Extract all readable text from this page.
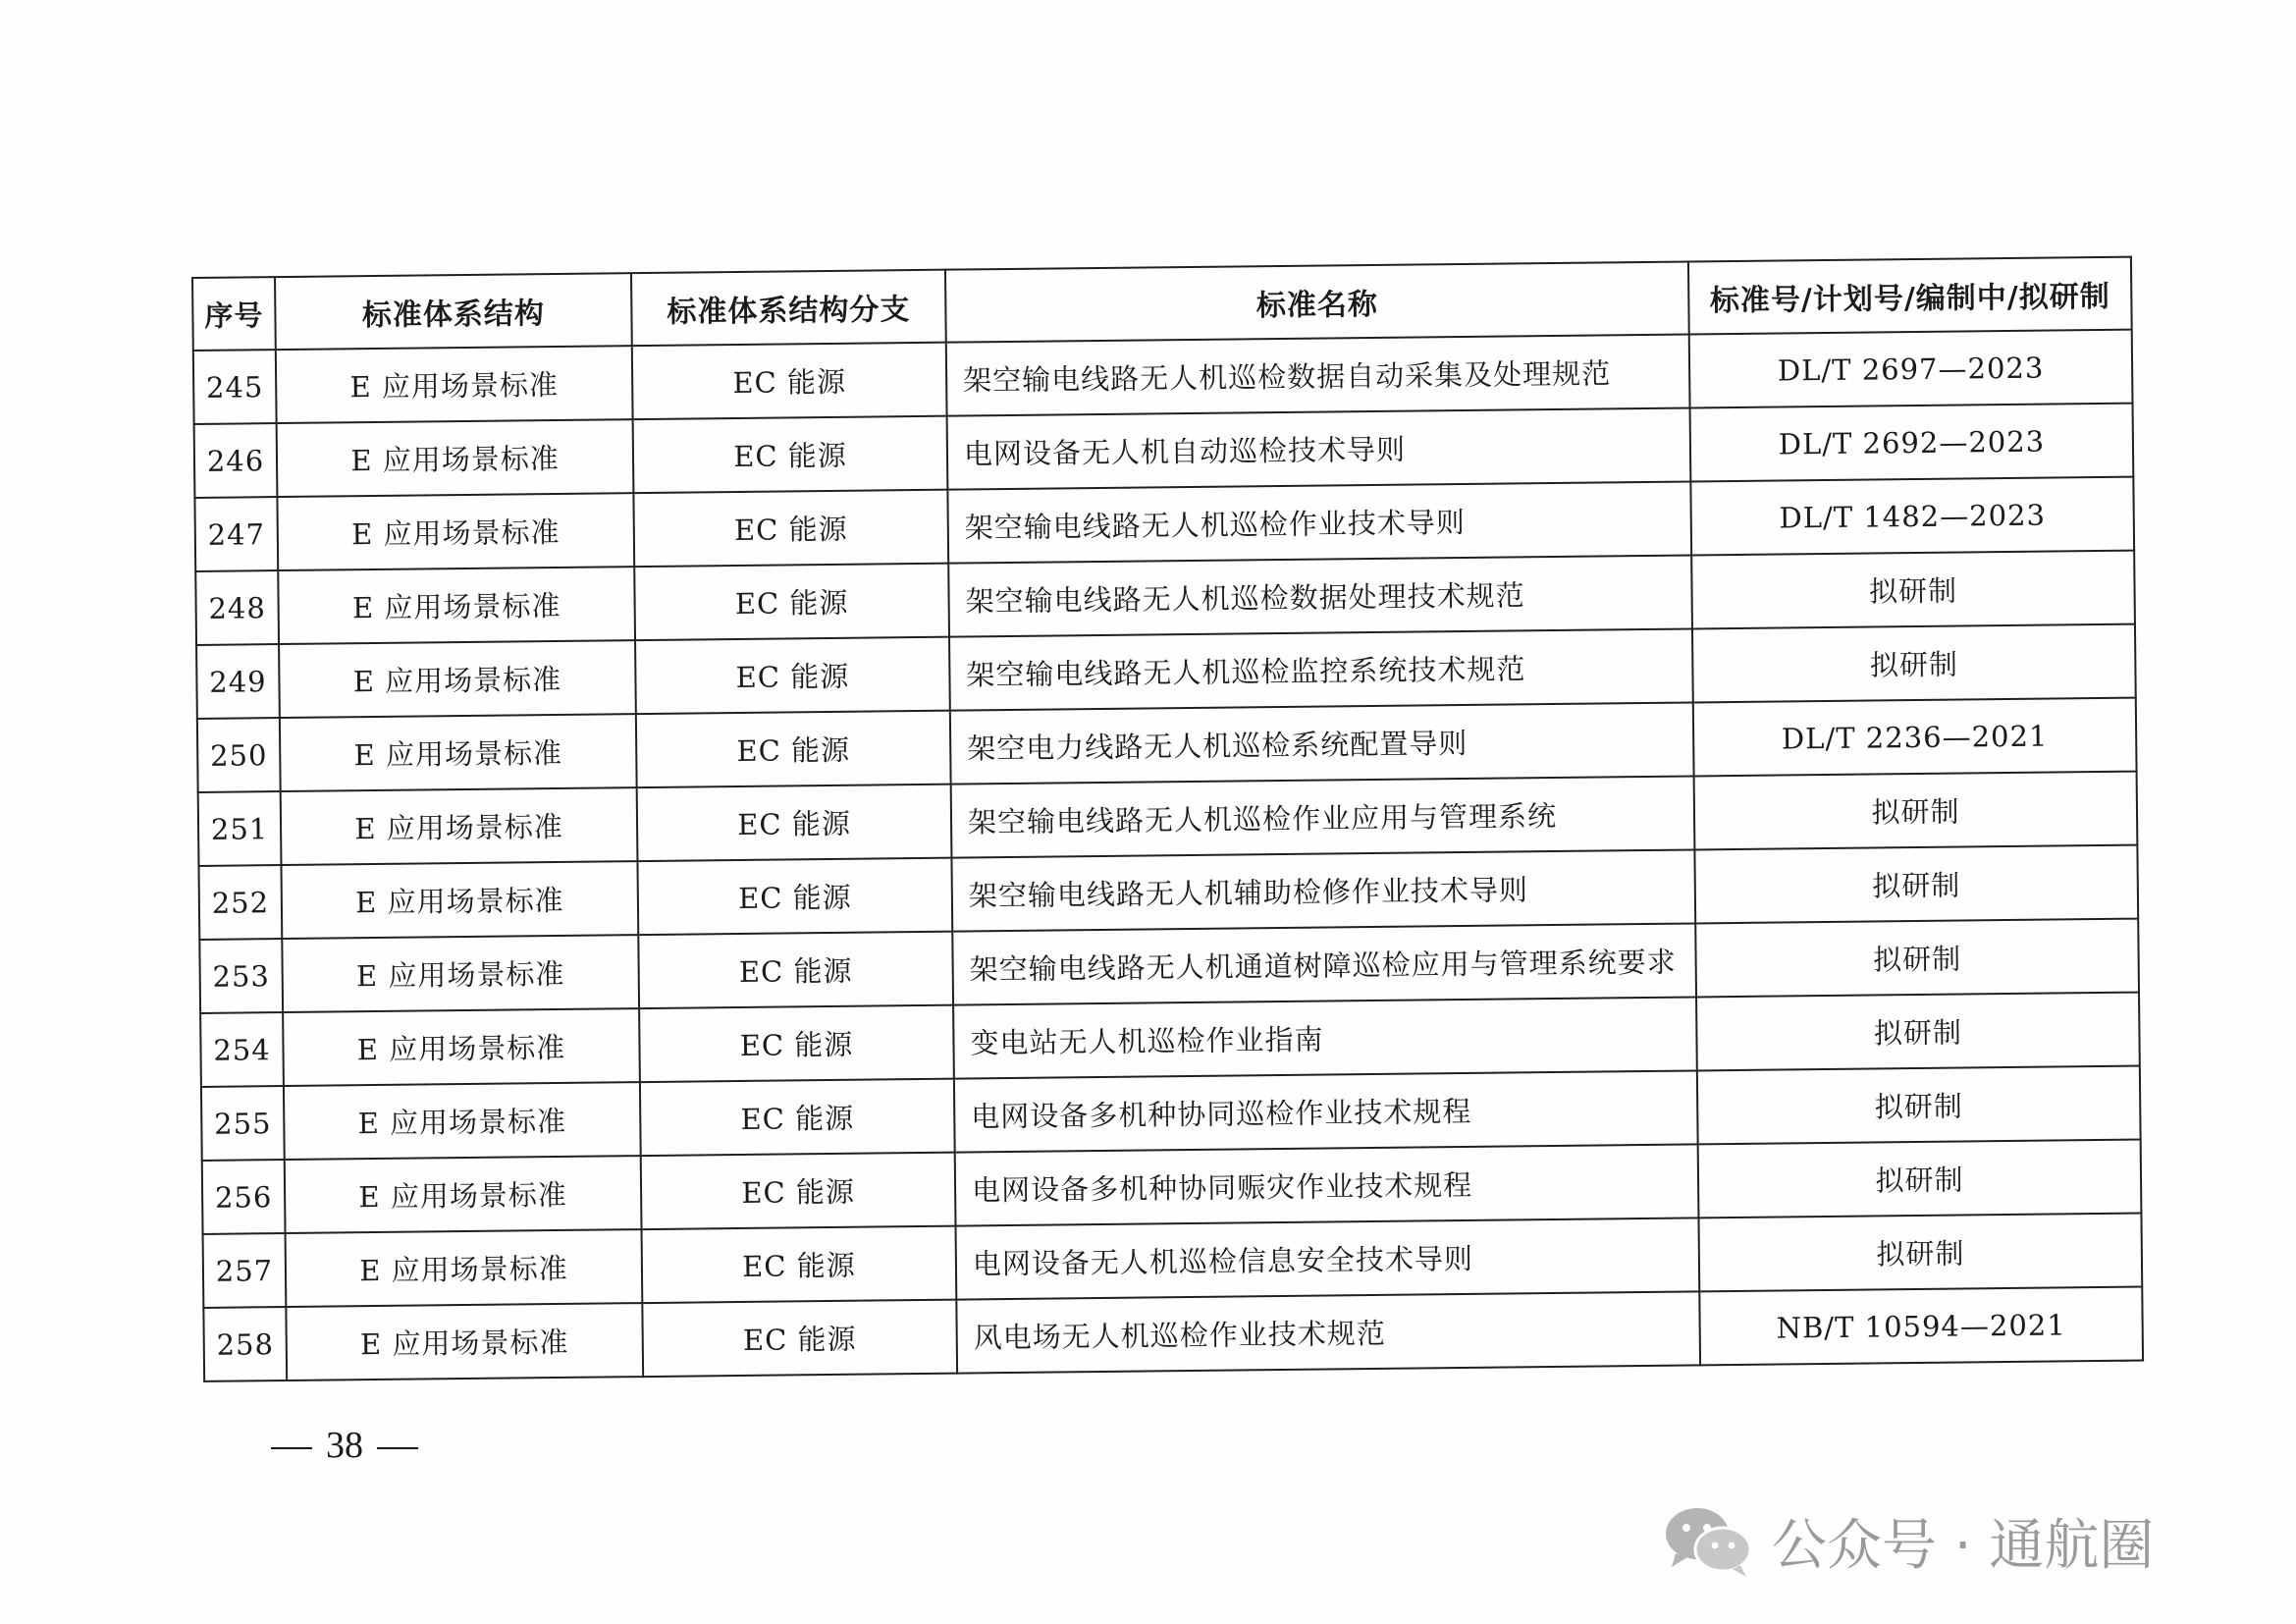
序号	标准体系结构	标准体系结构分支	标准名称	标准号/计划号/编制中/拟研制
245	E 应用场景标准	EC 能源	架空输电线路无人机巡检数据自动采集及处理规范	DL/T 2697—2023
246	E 应用场景标准	EC 能源	电网设备无人机自动巡检技术导则	DL/T 2692—2023
247	E 应用场景标准	EC 能源	架空输电线路无人机巡检作业技术导则	DL/T 1482—2023
248	E 应用场景标准	EC 能源	架空输电线路无人机巡检数据处理技术规范	拟研制
249	E 应用场景标准	EC 能源	架空输电线路无人机巡检监控系统技术规范	拟研制
250	E 应用场景标准	EC 能源	架空电力线路无人机巡检系统配置导则	DL/T 2236—2021
251	E 应用场景标准	EC 能源	架空输电线路无人机巡检作业应用与管理系统	拟研制
252	E 应用场景标准	EC 能源	架空输电线路无人机辅助检修作业技术导则	拟研制
253	E 应用场景标准	EC 能源	架空输电线路无人机通道树障巡检应用与管理系统要求	拟研制
254	E 应用场景标准	EC 能源	变电站无人机巡检作业指南	拟研制
255	E 应用场景标准	EC 能源	电网设备多机种协同巡检作业技术规程	拟研制
256	E 应用场景标准	EC 能源	电网设备多机种协同赈灾作业技术规程	拟研制
257	E 应用场景标准	EC 能源	电网设备无人机巡检信息安全技术导则	拟研制
258	E 应用场景标准	EC 能源	风电场无人机巡检作业技术规范	NB/T 10594—2021
38
公众号 · 通航圈
